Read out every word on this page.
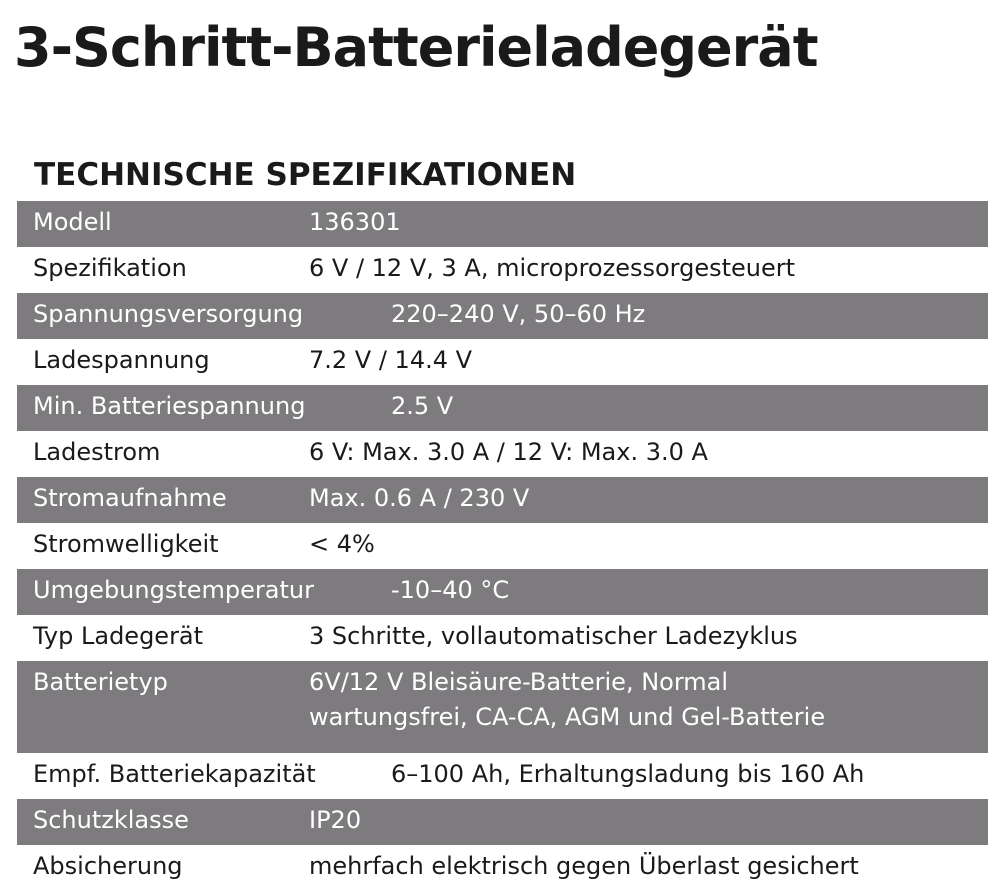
3-Schritt-Batterieladegerät
TECHNISCHE SPEZIFIKATIONEN
Modell	136301
Spezifikation	6 V / 12 V, 3 A, microprozessorgesteuert
Spannungsversorgung	220–240 V, 50–60 Hz
Ladespannung	7.2 V / 14.4 V
Min. Batteriespannung	2.5 V
Ladestrom	6 V: Max. 3.0 A / 12 V: Max. 3.0 A
Stromaufnahme	Max. 0.6 A / 230 V
Stromwelligkeit	< 4%
Umgebungstemperatur	-10–40 °C
Typ Ladegerät	3 Schritte, vollautomatischer Ladezyklus
Batterietyp	6V/12 V Bleisäure-Batterie, Normal
wartungsfrei, CA-CA, AGM und Gel-Batterie
Empf. Batteriekapazität	6–100 Ah, Erhaltungsladung bis 160 Ah
Schutzklasse	IP20
Absicherung	mehrfach elektrisch gegen Überlast gesichert
